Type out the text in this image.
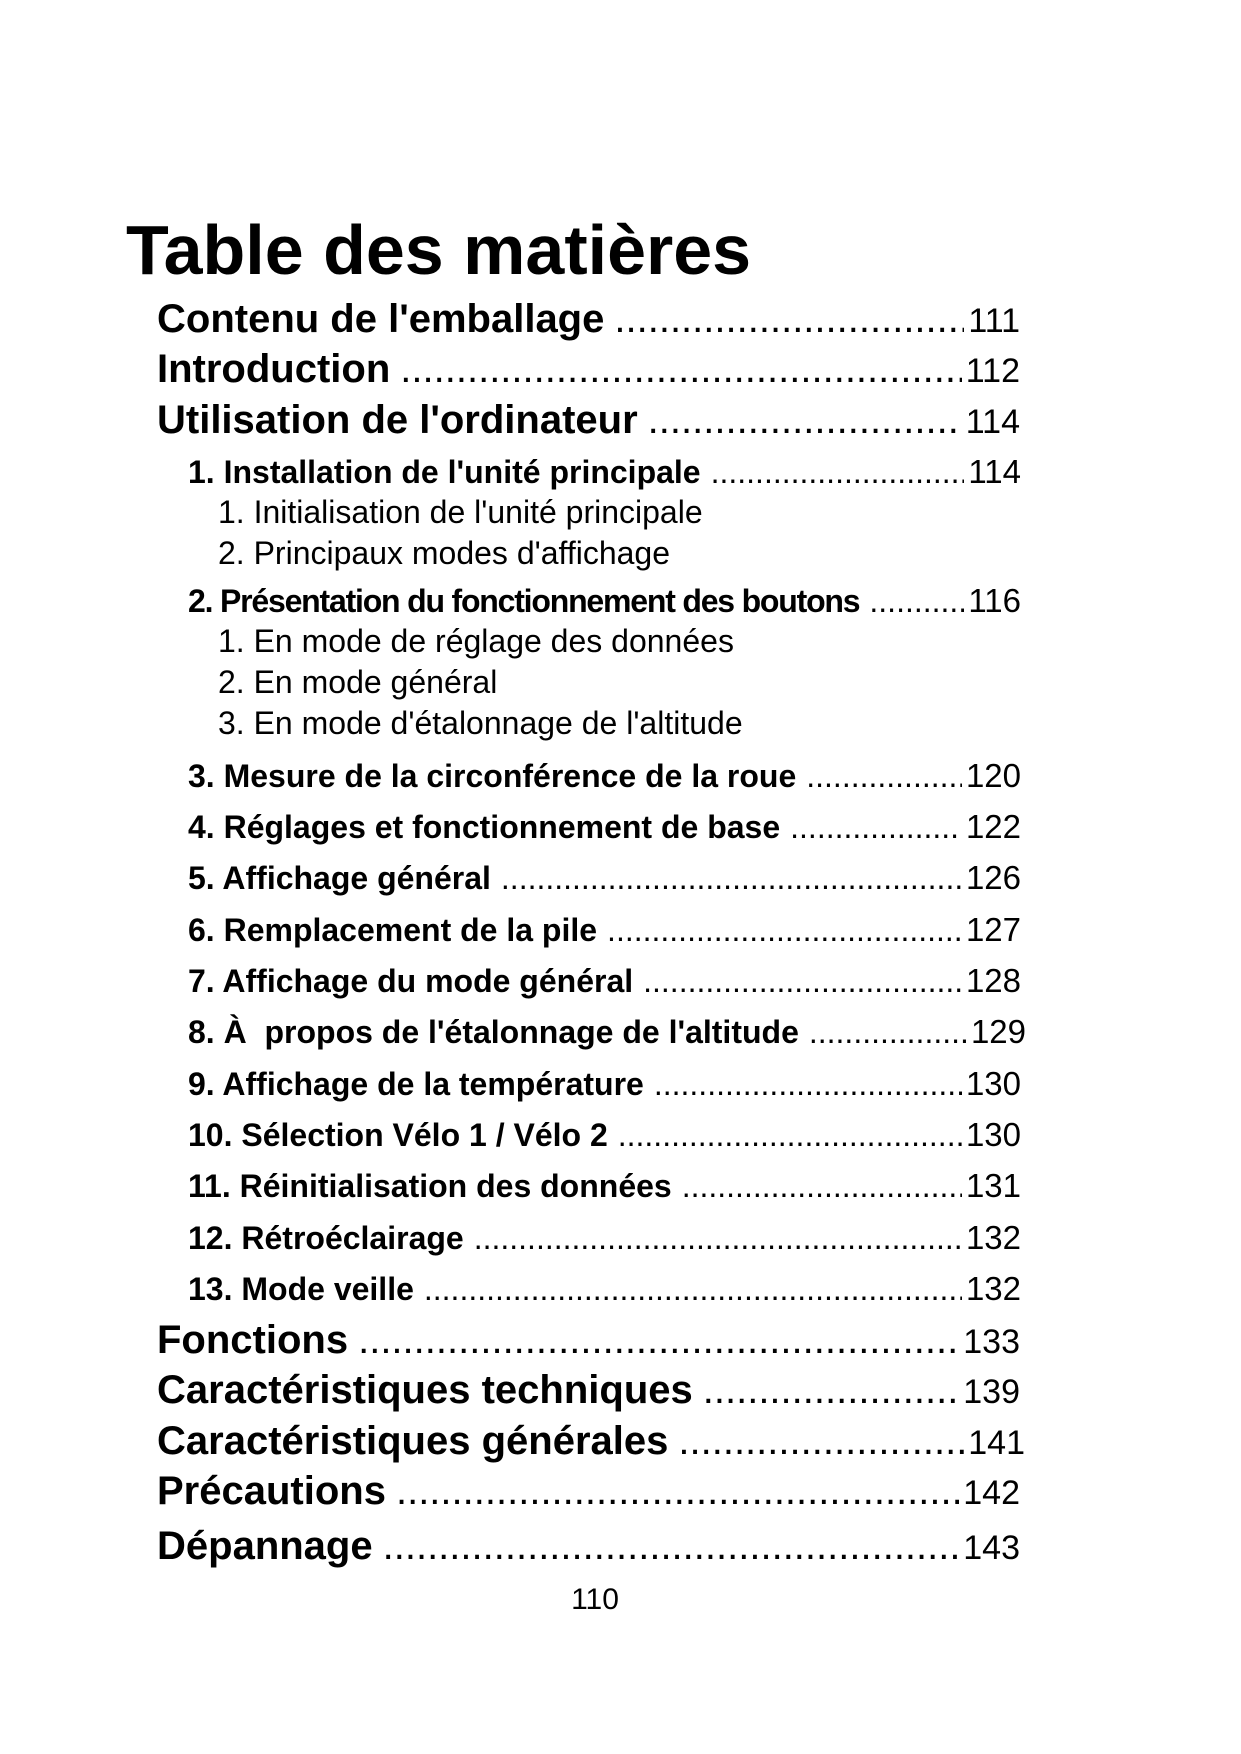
Table des matières
Contenu de l'emballage .....	111
Introduction .....	112
Utilisation de l'ordinateur .....	114
1. Installation de l'unité principale .....	114
1. Initialisation de l'unité principale
2. Principaux modes d'affichage
2. Présentation du fonctionnement des boutons .....	116
1. En mode de réglage des données
2. En mode général
3. En mode d'étalonnage de l'altitude
3. Mesure de la circonférence de la roue .....	120
4. Réglages et fonctionnement de base .....	122
5. Affichage général .....	126
6. Remplacement de la pile .....	127
7. Affichage du mode général .....	128
8. À  propos de l'étalonnage de l'altitude .....	129
9. Affichage de la température .....	130
10. Sélection Vélo 1 / Vélo 2 .....	130
11. Réinitialisation des données .....	131
12. Rétroéclairage .....	132
13. Mode veille .....	132
Fonctions .....	133
Caractéristiques techniques .....	139
Caractéristiques générales .....	141
Précautions .....	142
Dépannage .....	143
110
